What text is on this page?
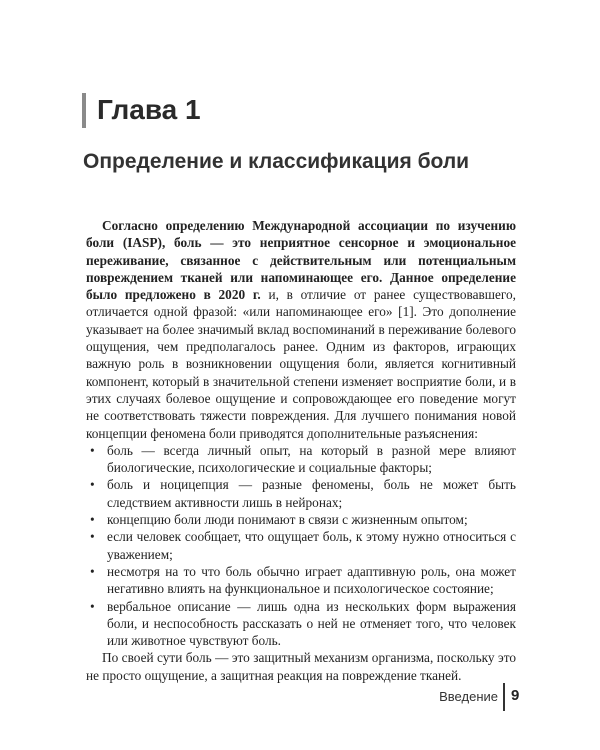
Глава 1
Определение и классификация боли

Согласно определению Международной ассоциации по изучению боли (IASP), боль — это неприятное сенсорное и эмоциональное переживание, связанное с действительным или потенциальным повреждением тканей или напоминающее его. Данное определение было предложено в 2020 г. и, в отличие от ранее существовавшего, отличается одной фразой: «или напоминающее его» [1]. Это дополнение указывает на более значимый вклад воспоминаний в переживание болевого ощущения, чем предполагалось ранее. Одним из факторов, играющих важную роль в возникновении ощущения боли, является когнитивный компонент, который в значительной степени изменяет восприятие боли, и в этих случаях болевое ощущение и сопровождающее его поведение могут не соответствовать тяжести повреждения. Для лучшего понимания новой концепции феномена боли приводятся дополнительные разъяснения:

• боль — всегда личный опыт, на который в разной мере влияют биологические, психологические и социальные факторы;
• боль и ноцицепция — разные феномены, боль не может быть следствием активности лишь в нейронах;
• концепцию боли люди понимают в связи с жизненным опытом;
• если человек сообщает, что ощущает боль, к этому нужно относиться с уважением;
• несмотря на то что боль обычно играет адаптивную роль, она может негативно влиять на функциональное и психологическое состояние;
• вербальное описание — лишь одна из нескольких форм выражения боли, и неспособность рассказать о ней не отменяет того, что человек или животное чувствуют боль.

По своей сути боль — это защитный механизм организма, поскольку это не просто ощущение, а защитная реакция на повреждение тканей.

Введение 9
